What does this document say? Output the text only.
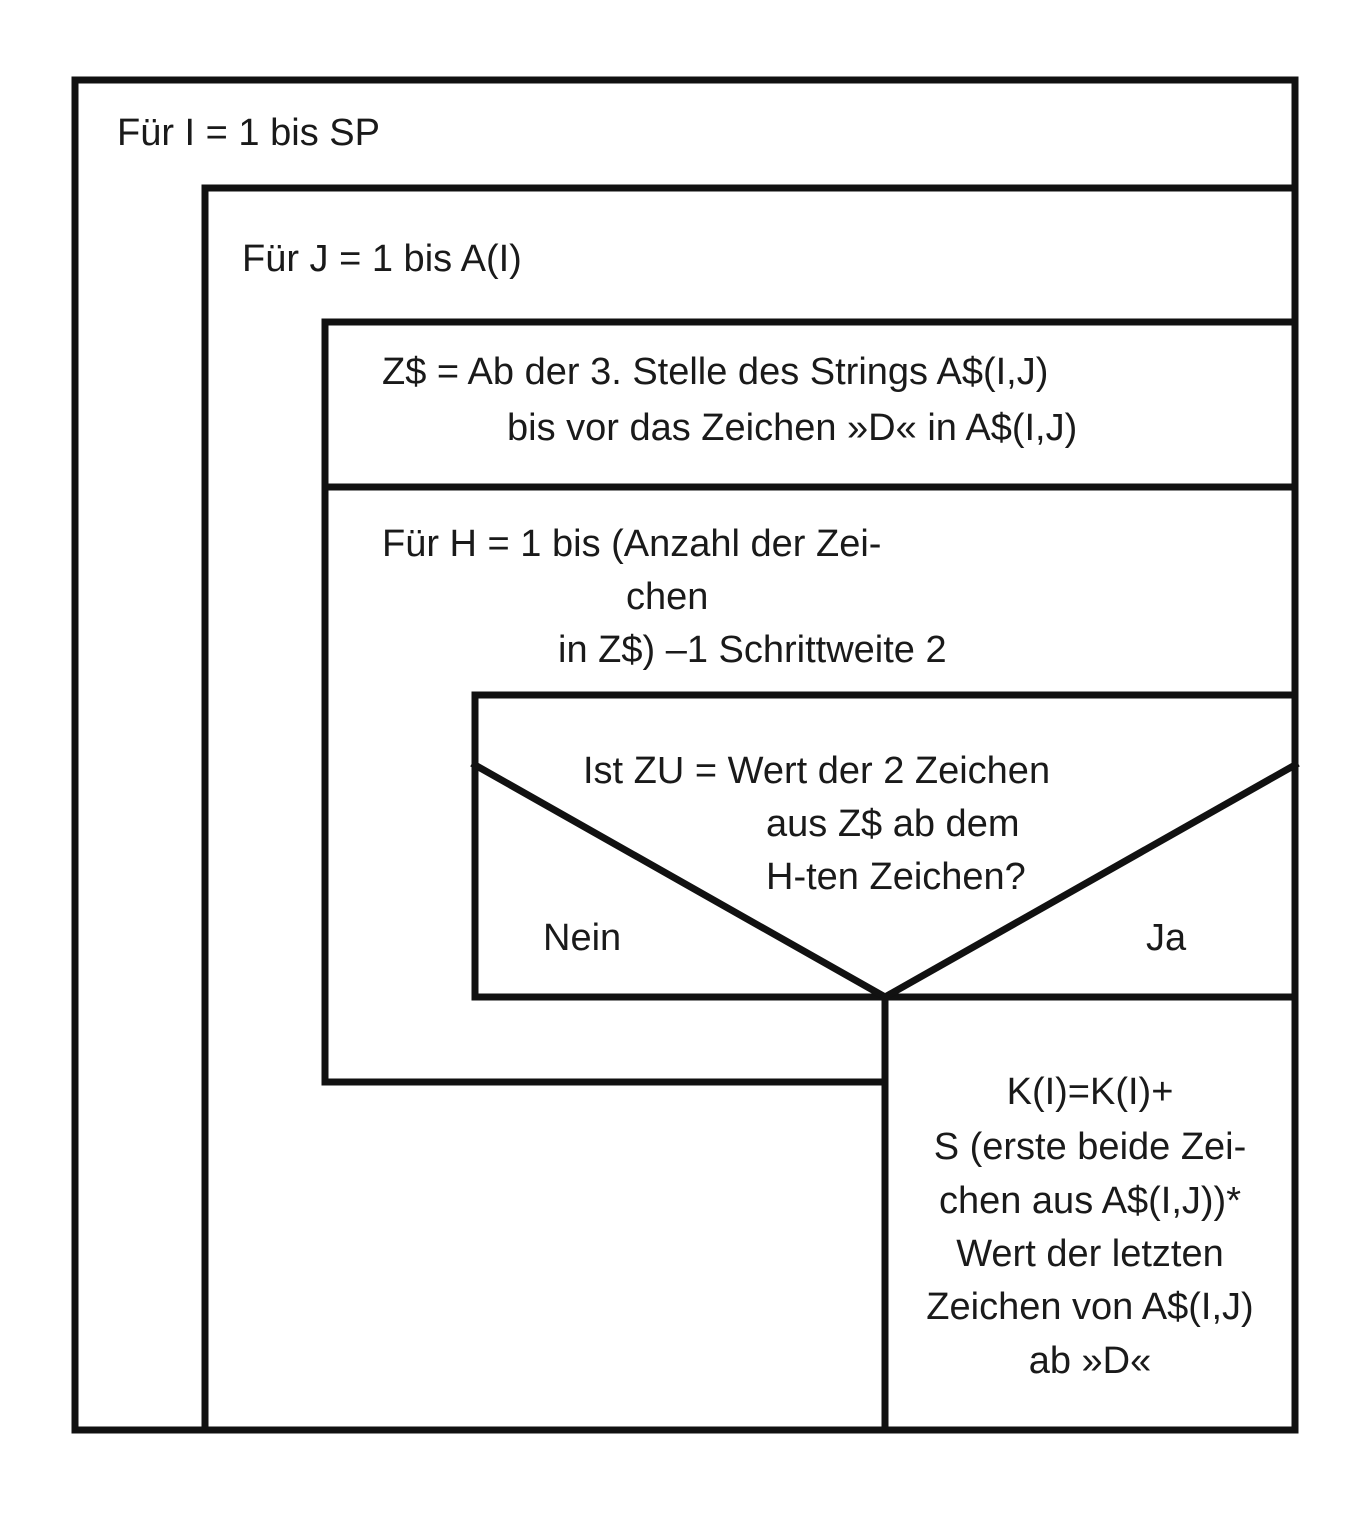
Für I = 1 bis SP
Für J = 1 bis A(I)
Z$ = Ab der 3. Stelle des Strings A$(I,J)
bis vor das Zeichen »D« in A$(I,J)
Für H = 1 bis (Anzahl der Zei-
chen
in Z$) –1 Schrittweite 2
Ist ZU = Wert der 2 Zeichen
aus Z$ ab dem
H-ten Zeichen?
Nein	Ja
K(I)=K(I)+
S (erste beide Zei-
chen aus A$(I,J))*
Wert der letzten
Zeichen von A$(I,J)
ab »D«
